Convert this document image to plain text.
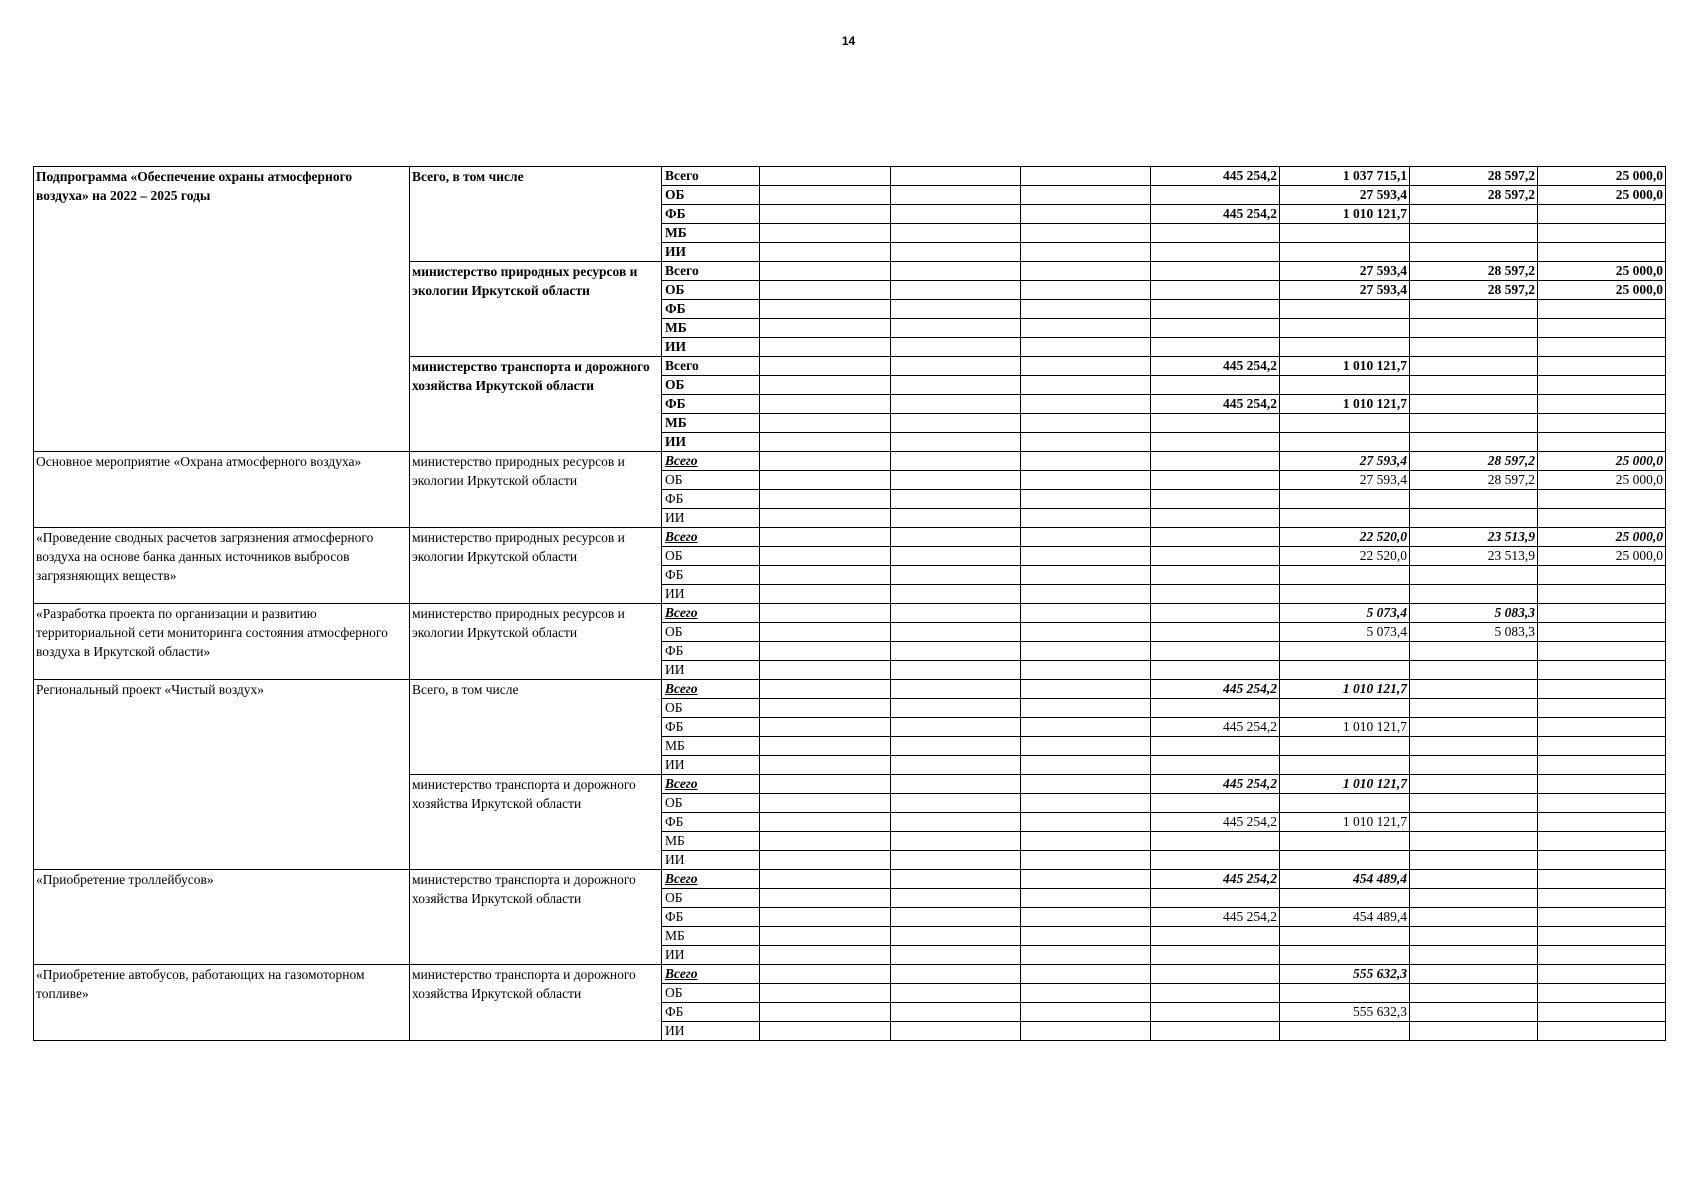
14
Подпрограмма «Обеспечение охраны атмосферного воздуха» на 2022 – 2025 годы	Всего, в том числе	Всего				445 254,2	1 037 715,1	28 597,2	25 000,0
		ОБ					27 593,4	28 597,2	25 000,0
		ФБ				445 254,2	1 010 121,7		
		МБ							
		ИИ							
	министерство природных ресурсов и экологии Иркутской области	Всего					27 593,4	28 597,2	25 000,0
		ОБ					27 593,4	28 597,2	25 000,0
		ФБ							
		МБ							
		ИИ							
	министерство транспорта и дорожного хозяйства Иркутской области	Всего				445 254,2	1 010 121,7		
		ОБ							
		ФБ				445 254,2	1 010 121,7		
		МБ							
		ИИ							
Основное мероприятие «Охрана атмосферного воздуха»	министерство природных ресурсов и экологии Иркутской области	Всего					27 593,4	28 597,2	25 000,0
		ОБ					27 593,4	28 597,2	25 000,0
		ФБ							
		ИИ							
«Проведение сводных расчетов загрязнения атмосферного воздуха на основе банка данных источников выбросов загрязняющих веществ»	министерство природных ресурсов и экологии Иркутской области	Всего					22 520,0	23 513,9	25 000,0
		ОБ					22 520,0	23 513,9	25 000,0
		ФБ							
		ИИ							
«Разработка проекта по организации и развитию территориальной сети мониторинга состояния атмосферного воздуха в Иркутской области»	министерство природных ресурсов и экологии Иркутской области	Всего					5 073,4	5 083,3	
		ОБ					5 073,4	5 083,3	
		ФБ							
		ИИ							
Региональный проект «Чистый воздух»	Всего, в том числе	Всего				445 254,2	1 010 121,7		
		ОБ							
		ФБ				445 254,2	1 010 121,7		
		МБ							
		ИИ							
	министерство транспорта и дорожного хозяйства Иркутской области	Всего				445 254,2	1 010 121,7		
		ОБ							
		ФБ				445 254,2	1 010 121,7		
		МБ							
		ИИ							
«Приобретение троллейбусов»	министерство транспорта и дорожного хозяйства Иркутской области	Всего				445 254,2	454 489,4		
		ОБ							
		ФБ				445 254,2	454 489,4		
		МБ							
		ИИ							
«Приобретение автобусов, работающих на газомоторном топливе»	министерство транспорта и дорожного хозяйства Иркутской области	Всего					555 632,3		
		ОБ							
		ФБ					555 632,3		
		ИИ							
